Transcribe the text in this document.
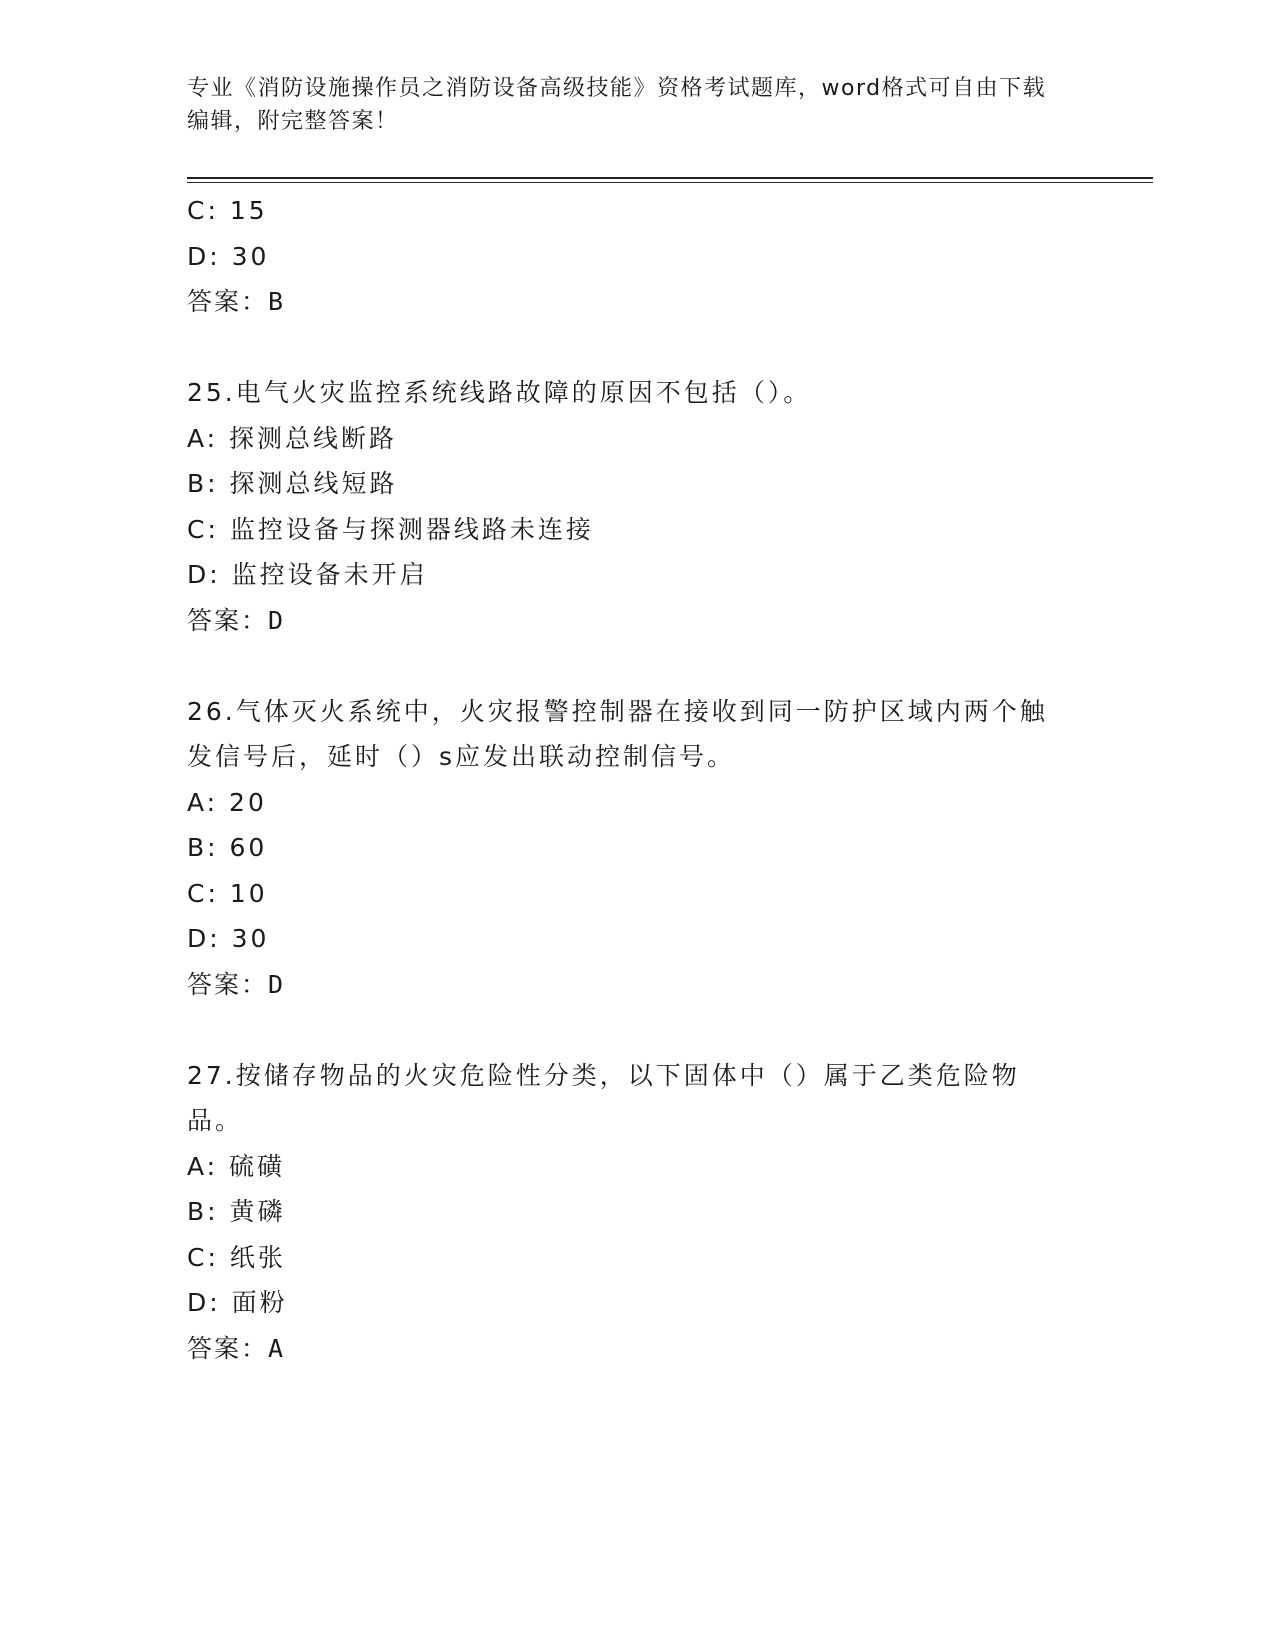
专业《消防设施操作员之消防设备高级技能》资格考试题库，word格式可自由下载编辑，附完整答案！
C: 15
D: 30
答案：B
25.电气火灾监控系统线路故障的原因不包括（）。
A: 探测总线断路
B: 探测总线短路
C: 监控设备与探测器线路未连接
D: 监控设备未开启
答案：D
26.气体灭火系统中，火灾报警控制器在接收到同一防护区域内两个触发信号后，延时（）s应发出联动控制信号。
A: 20
B: 60
C: 10
D: 30
答案：D
27.按储存物品的火灾危险性分类，以下固体中（）属于乙类危险物品。
A: 硫磺
B: 黄磷
C: 纸张
D: 面粉
答案：A
